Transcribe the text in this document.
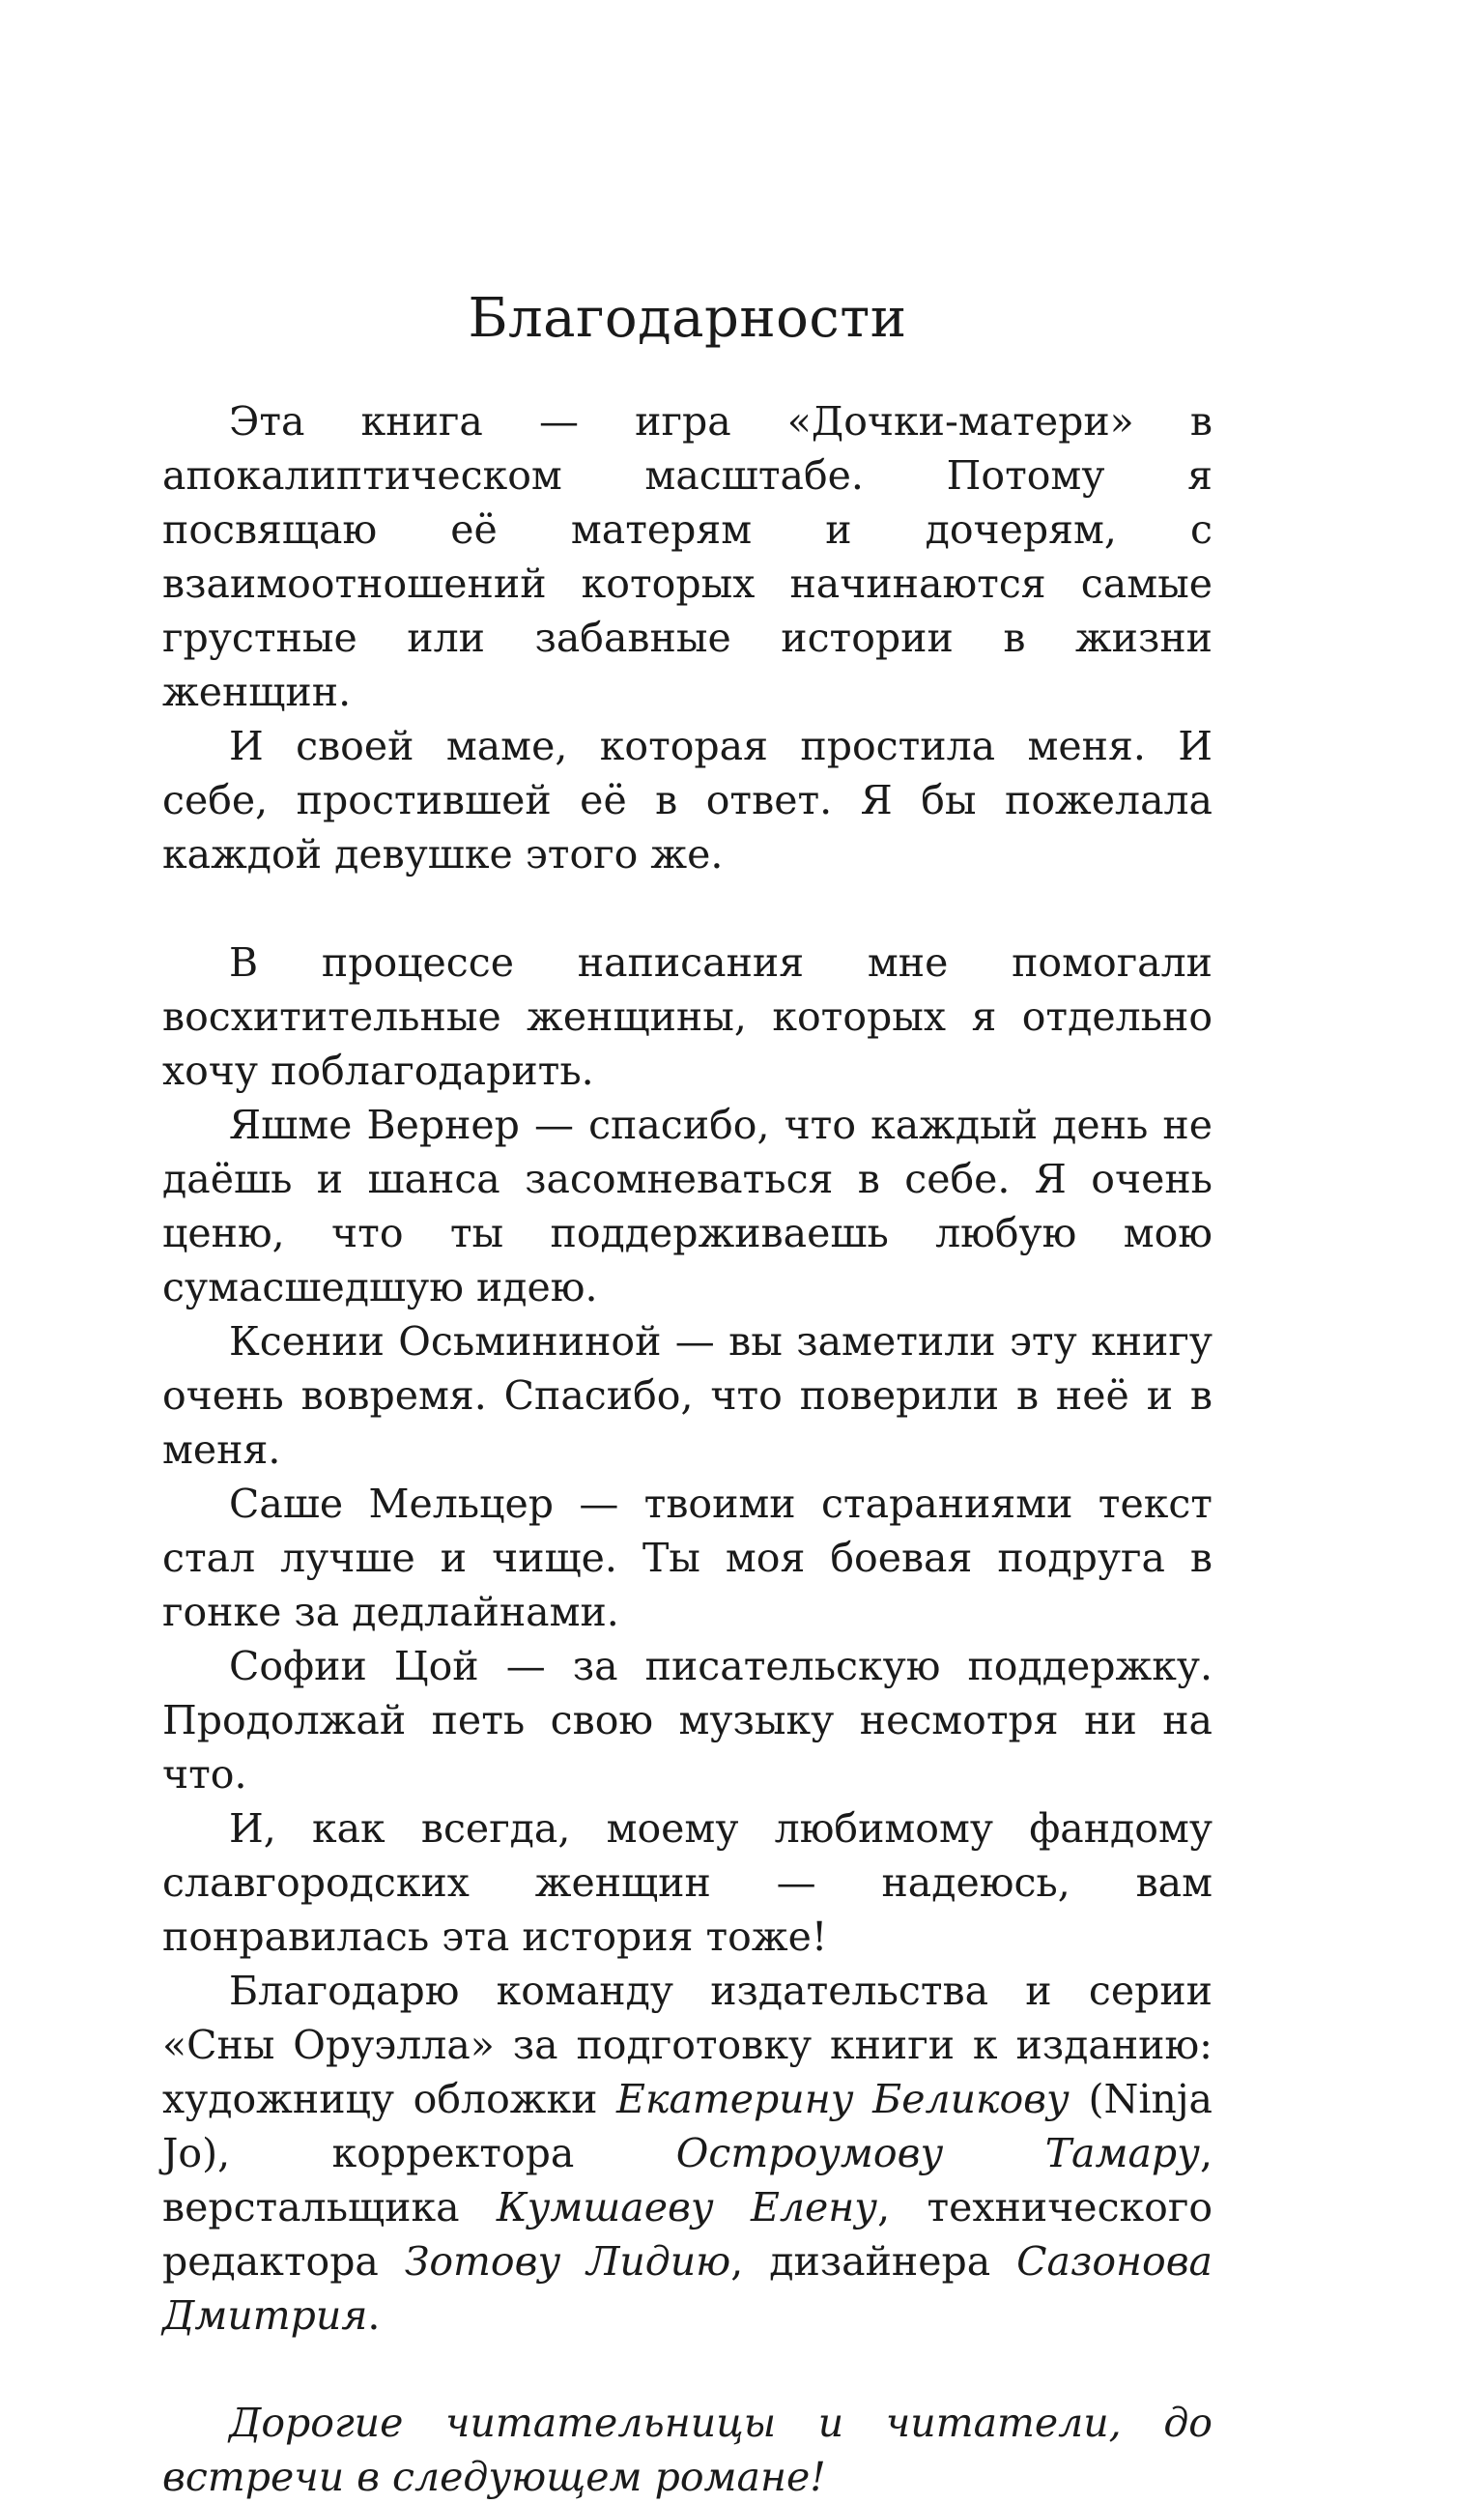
Благодарности

Эта книга — игра «Дочки-матери» в апокалиптическом масштабе. Потому я посвящаю её матерям и дочерям, с взаимоотношений которых начинаются самые грустные или забавные истории в жизни женщин.

И своей маме, которая простила меня. И себе, простившей её в ответ. Я бы пожелала каждой девушке этого же.

В процессе написания мне помогали восхитительные женщины, которых я отдельно хочу поблагодарить.

Яшме Вернер — спасибо, что каждый день не даёшь и шанса засомневаться в себе. Я очень ценю, что ты поддерживаешь любую мою сумасшедшую идею.

Ксении Осьмининой — вы заметили эту книгу очень вовремя. Спасибо, что поверили в неё и в меня.

Саше Мельцер — твоими стараниями текст стал лучше и чище. Ты моя боевая подруга в гонке за дедлайнами.

Софии Цой — за писательскую поддержку. Продолжай петь свою музыку несмотря ни на что.

И, как всегда, моему любимому фандому славгородских женщин — надеюсь, вам понравилась эта история тоже!

Благодарю команду издательства и серии «Сны Оруэлла» за подготовку книги к изданию: художницу обложки Екатерину Беликову (Ninja Jo), корректора Остроумову Тамару, верстальщика Кумшаеву Елену, технического редактора Зотову Лидию, дизайнера Сазонова Дмитрия.

Дорогие читательницы и читатели, до встречи в следующем романе!
